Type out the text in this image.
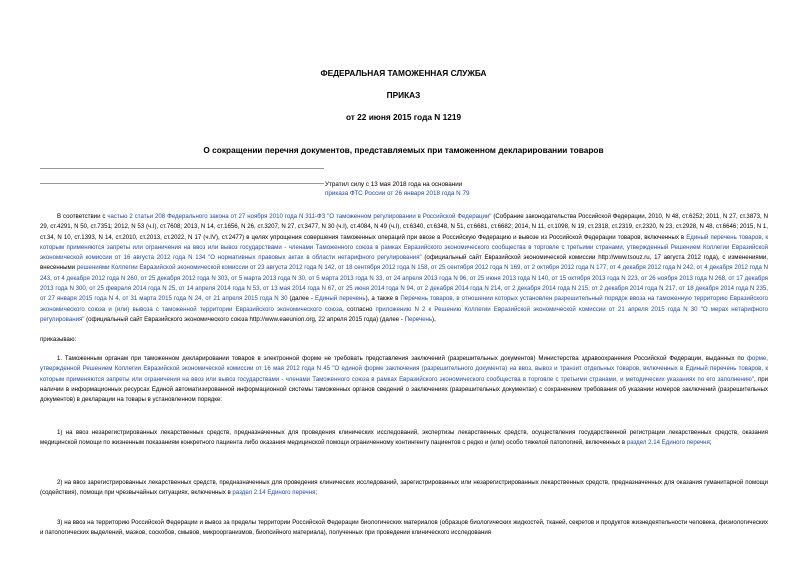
ФЕДЕРАЛЬНАЯ ТАМОЖЕННАЯ СЛУЖБА
ПРИКАЗ
от 22 июня 2015 года N 1219
О сокращении перечня документов, представляемых при таможенном декларировании товаров
Утратил силу с 13 мая 2018 года на основании
приказа ФТС России от 26 января 2018 года N 79
В соответствии с частью 2 статьи 208 Федерального закона от 27 ноября 2010 года N 311-ФЗ "О таможенном регулировании в Российской Федерации" (Собрание законодательства Российской Федерации, 2010, N 48, ст.6252; 2011, N 27, ст.3873, N 29, ст.4291, N 50, ст.7351; 2012, N 53 (ч.I), ст.7608; 2013, N 14, ст.1656, N 26, ст.3207, N 27, ст.3477, N 30 (ч.I), ст.4084, N 49 (ч.I), ст.6340, ст.6348, N 51, ст.6681, ст.6682; 2014, N 11, ст.1098, N 19, ст.2318, ст.2319, ст.2320, N 23, ст.2928, N 48, ст.6646; 2015, N 1, ст.34, N 10, ст.1393, N 14, ст.2010, ст.2013, ст.2022, N 17 (ч.IV), ст.2477) в целях упрощения совершения таможенных операций при ввозе в Российскую Федерацию и вывозе из Российской Федерации товаров, включенных в Единый перечень товаров, к которым применяются запреты или ограничения на ввоз или вывоз государствами - членами Таможенного союза в рамках Евразийского экономического сообщества в торговле с третьими странами, утвержденный Решением Коллегии Евразийской экономической комиссии от 16 августа 2012 года N 134 "О нормативных правовых актах в области нетарифного регулирования" (официальный сайт Евразийской экономической комиссии http://www.tsouz.ru, 17 августа 2012 года), с изменениями, внесенными решениями Коллегии Евразийской экономической комиссии от 23 августа 2012 года N 142, от 18 сентября 2012 года N 158, от 25 сентября 2012 года N 169, от 2 октября 2012 года N 177, от 4 декабря 2012 года N 242, от 4 декабря 2012 года N 243, от 4 декабря 2012 года N 260, от 25 декабря 2012 года N 303, от 5 марта 2013 года N 30, от 5 марта 2013 года N 33, от 24 апреля 2013 года N 96, от 25 июня 2013 года N 140, от 15 октября 2013 года N 223, от 26 ноября 2013 года N 268, от 17 декабря 2013 года N 300, от 25 февраля 2014 года N 25, от 14 апреля 2014 года N 53, от 13 мая 2014 года N 67, от 25 июня 2014 года N 94, от 2 декабря 2014 года N 214, от 2 декабря 2014 года N 215, от 2 декабря 2014 года N 217, от 18 декабря 2014 года N 235, от 27 января 2015 года N 4, от 31 марта 2015 года N 24, от 21 апреля 2015 года N 30 (далее - Единый перечень), а также в Перечень товаров, в отношении которых установлен разрешительный порядок ввоза на таможенную территорию Евразийского экономического союза и (или) вывоза с таможенной территории Евразийского экономического союза, согласно приложению N 2 к Решению Коллегии Евразийской экономической комиссии от 21 апреля 2015 года N 30 "О мерах нетарифного регулирования" (официальный сайт Евразийского экономического союза http://www.eaeunion.org, 22 апреля 2015 года) (далее - Перечень),
приказываю:
1. Таможенным органам при таможенном декларировании товаров в электронной форме не требовать представления заключений (разрешительных документов) Министерства здравоохранения Российской Федерации, выданных по форме, утвержденной Решением Коллегии Евразийской экономической комиссии от 16 мая 2012 года N 45 "О единой форме заключения (разрешительного документа) на ввоз, вывоз и транзит отдельных товаров, включенных в Единый перечень товаров, к которым применяются запреты или ограничения на ввоз или вывоз государствами - членами Таможенного союза в рамках Евразийского экономического сообщества в торговле с третьими странами, и методических указаниях по его заполнению", при наличии в информационных ресурсах Единой автоматизированной информационной системы таможенных органов сведений о заключениях (разрешительных документах) с сохранением требования об указании номеров заключений (разрешительных документов) в декларации на товары в установленном порядке:
1) на ввоз незарегистрированных лекарственных средств, предназначенных для проведения клинических исследований, экспертизы лекарственных средств, осуществления государственной регистрации лекарственных средств, оказания медицинской помощи по жизненным показаниям конкретного пациента либо оказания медицинской помощи ограниченному контингенту пациентов с редко и (или) особо тяжелой патологией, включенных в раздел 2.14 Единого перечня;
2) на ввоз зарегистрированных лекарственных средств, предназначенных для проведения клинических исследований, зарегистрированных или незарегистрированных лекарственных средств, предназначенных для оказания гуманитарной помощи (содействия), помощи при чрезвычайных ситуациях, включенных в раздел 2.14 Единого перечня;
3) на ввоз на территорию Российской Федерации и вывоз за пределы территории Российской Федерации биологических материалов (образцов биологических жидкостей, тканей, секретов и продуктов жизнедеятельности человека, физиологических и патологических выделений, мазков, соскобов, смывов, микроорганизмов, биопсийного материала), полученных при проведении клинического исследования
